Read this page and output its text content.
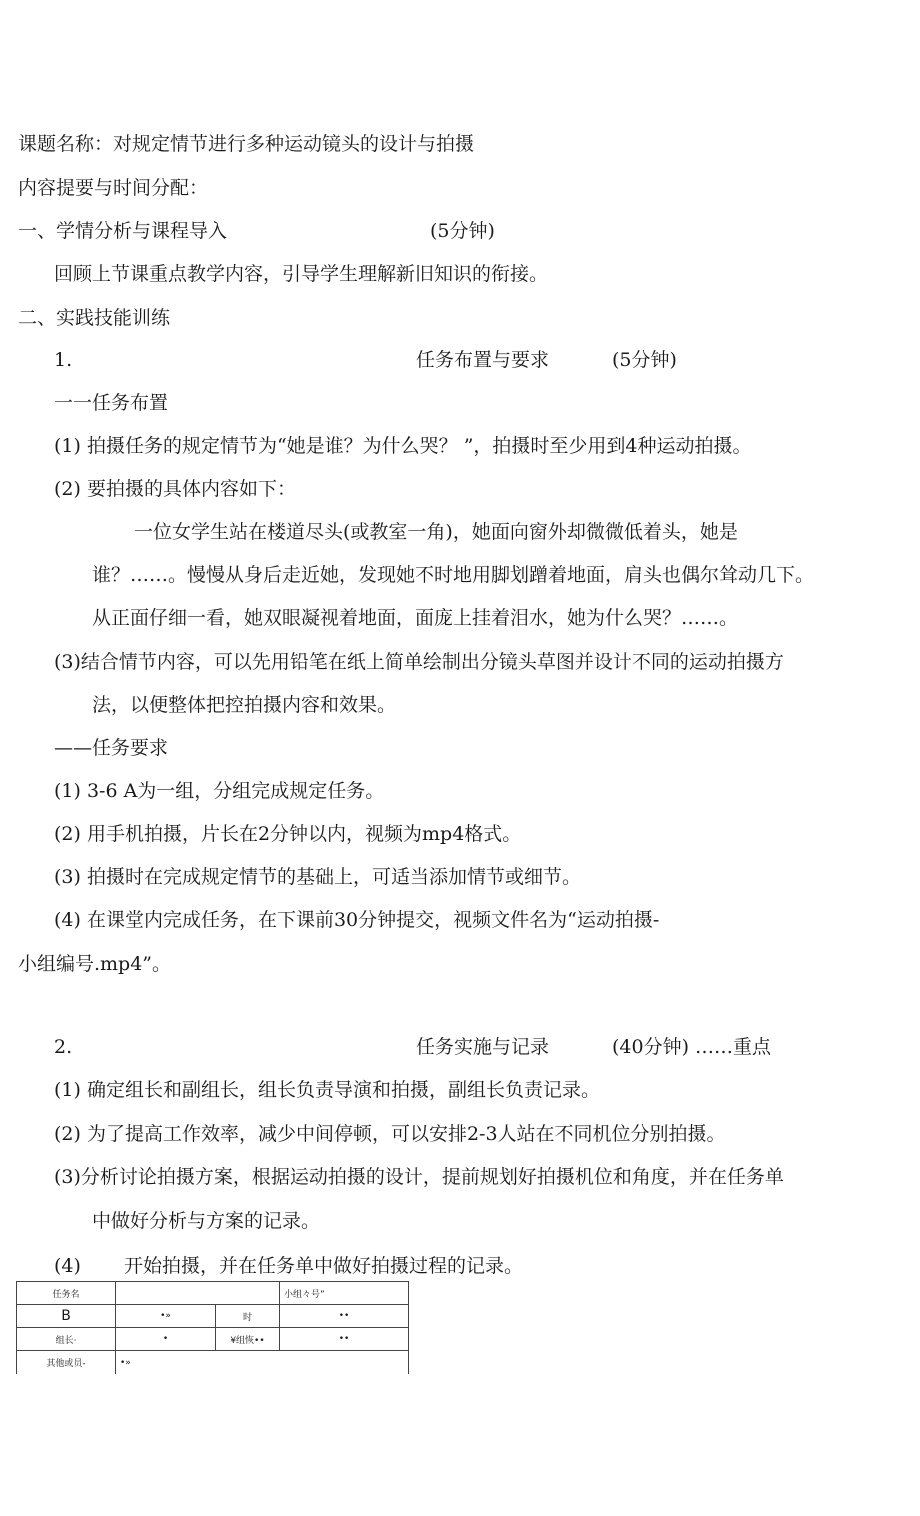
课题名称：对规定情节进行多种运动镜头的设计与拍摄
内容提要与时间分配：
一、学情分析与课程导入	(5分钟)
回顾上节课重点教学内容，引导学生理解新旧知识的衔接。
二、实践技能训练
1.	任务布置与要求	(5分钟)
一一任务布置
(1) 拍摄任务的规定情节为“她是谁？为什么哭？ ”，拍摄时至少用到4种运动拍摄。
(2) 要拍摄的具体内容如下：
一位女学生站在楼道尽头(或教室一角)，她面向窗外却微微低着头，她是
谁？……。慢慢从身后走近她，发现她不时地用脚划蹭着地面，肩头也偶尔耸动几下。
从正面仔细一看，她双眼凝视着地面，面庞上挂着泪水，她为什么哭？……。
(3)结合情节内容，可以先用铅笔在纸上简单绘制出分镜头草图并设计不同的运动拍摄方
法，以便整体把控拍摄内容和效果。
——任务要求
(1) 3-6 A为一组，分组完成规定任务。
(2) 用手机拍摄，片长在2分钟以内，视频为mp4格式。
(3) 拍摄时在完成规定情节的基础上，可适当添加情节或细节。
(4) 在课堂内完成任务，在下课前30分钟提交，视频文件名为“运动拍摄-
小组编号.mp4”。
2.	任务实施与记录	(40分钟) ……重点
(1) 确定组长和副组长，组长负责导演和拍摄，副组长负责记录。
(2) 为了提高工作效率，减少中间停顿，可以安排2-3人站在不同机位分别拍摄。
(3)分析讨论拍摄方案，根据运动拍摄的设计，提前规划好拍摄机位和角度，并在任务单
中做好分析与方案的记录。
(4) 开始拍摄，并在任务单中做好拍摄过程的记录。
任务名			小组々号”
B	•»	时	••
组长·	•	¥组恢••	••
其他或员-	•»		
